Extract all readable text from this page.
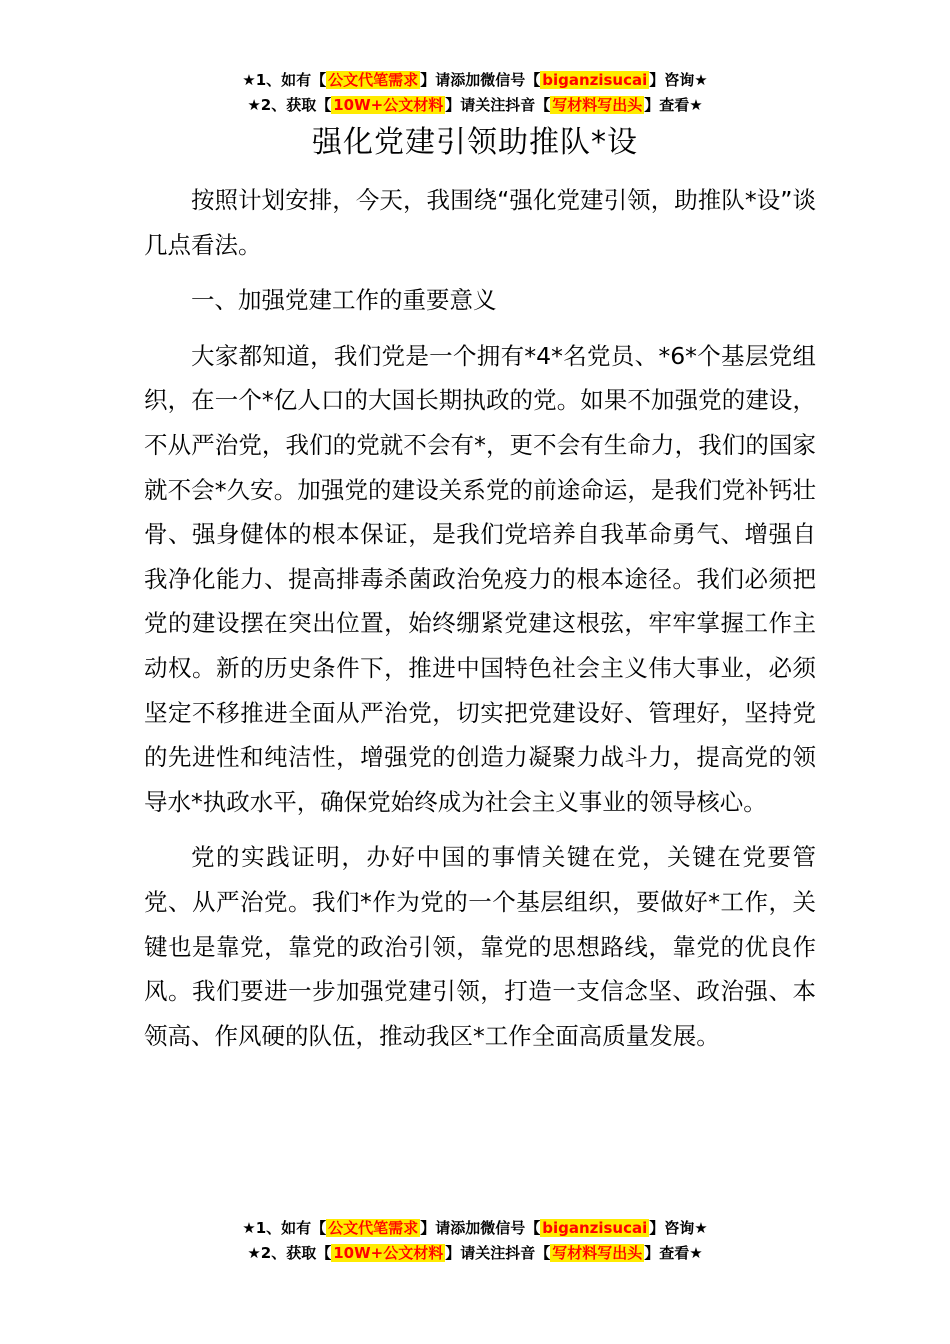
★1、如有【 公文代笔需求 】请添加微信号【 biganzisucai 】咨询★
★2、获取【 10W+公文材料 】请关注抖音【 写材料写出头 】查看★
强化党建引领助推队*设

按照计划安排，今天，我围绕“强化党建引领，助推队*设”谈几点看法。

一、加强党建工作的重要意义

大家都知道，我们党是一个拥有*4*名党员、*6*个基层党组织，在一个*亿人口的大国长期执政的党。如果不加强党的建设，不从严治党，我们的党就不会有*，更不会有生命力，我们的国家就不会*久安。加强党的建设关系党的前途命运，是我们党补钙壮骨、强身健体的根本保证，是我们党培养自我革命勇气、增强自我净化能力、提高排毒杀菌政治免疫力的根本途径。我们必须把党的建设摆在突出位置，始终绷紧党建这根弦，牢牢掌握工作主动权。新的历史条件下，推进中国特色社会主义伟大事业，必须坚定不移推进全面从严治党，切实把党建设好、管理好，坚持党的先进性和纯洁性，增强党的创造力凝聚力战斗力，提高党的领导水*执政水平，确保党始终成为社会主义事业的领导核心。

党的实践证明，办好中国的事情关键在党，关键在党要管党、从严治党。我们*作为党的一个基层组织，要做好*工作，关键也是靠党，靠党的政治引领，靠党的思想路线，靠党的优良作风。我们要进一步加强党建引领，打造一支信念坚、政治强、本领高、作风硬的队伍，推动我区*工作全面高质量发展。

★1、如有【 公文代笔需求 】请添加微信号【 biganzisucai 】咨询★
★2、获取【 10W+公文材料 】请关注抖音【 写材料写出头 】查看★
